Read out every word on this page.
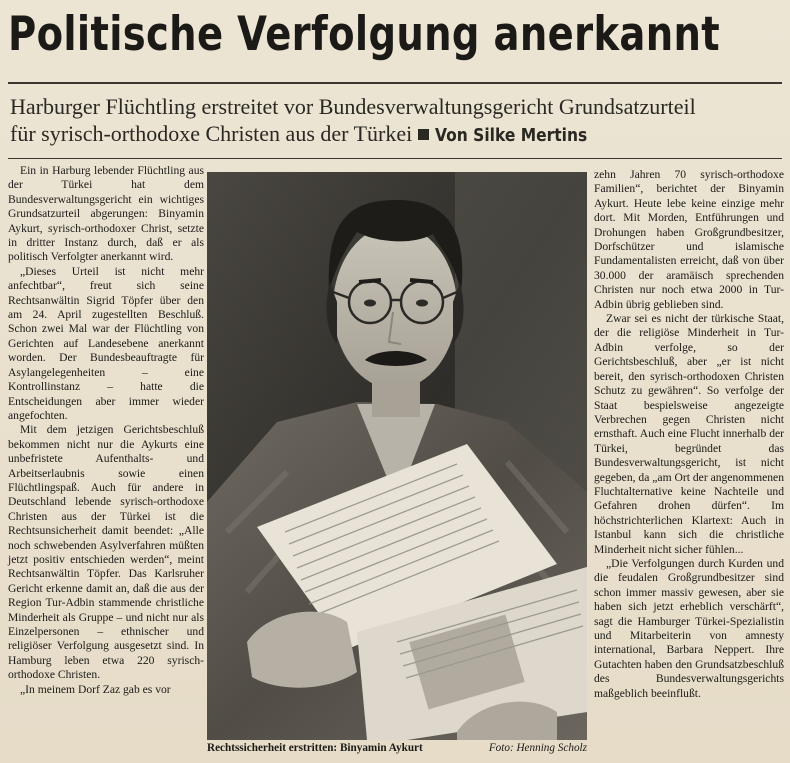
Politische Verfolgung anerkannt
Harburger Flüchtling erstreitet vor Bundesverwaltungsgericht Grundsatzurteil
für syrisch-orthodoxe Christen aus der Türkei Von Silke Mertins

Ein in Harburg lebender Flüchtling aus der Türkei hat dem Bundesverwaltungsgericht ein wichtiges Grundsatzurteil abgerungen: Binyamin Aykurt, syrisch-orthodoxer Christ, setzte in dritter Instanz durch, daß er als politisch Verfolgter anerkannt wird.

„Dieses Urteil ist nicht mehr anfechtbar“, freut sich seine Rechtsanwältin Sigrid Töpfer über den am 24. April zugestellten Beschluß. Schon zwei Mal war der Flüchtling von Gerichten auf Landesebene anerkannt worden. Der Bundesbeauftragte für Asylangelegenheiten – eine Kontrollinstanz – hatte die Entscheidungen aber immer wieder angefochten.

Mit dem jetzigen Gerichtsbeschluß bekommen nicht nur die Aykurts eine unbefristete Aufenthalts- und Arbeitserlaubnis sowie einen Flüchtlingspaß. Auch für andere in Deutschland lebende syrisch-orthodoxe Christen aus der Türkei ist die Rechtsunsicherheit damit beendet: „Alle noch schwebenden Asylverfahren müßten jetzt positiv entschieden werden“, meint Rechtsanwältin Töpfer. Das Karlsruher Gericht erkenne damit an, daß die aus der Region Tur-Adbin stammende christliche Minderheit als Gruppe – und nicht nur als Einzelpersonen – ethnischer und religiöser Verfolgung ausgesetzt sind. In Hamburg leben etwa 220 syrisch-orthodoxe Christen.

„In meinem Dorf Zaz gab es vor

Rechtssicherheit erstritten: Binyamin Aykurt	Foto: Henning Scholz

zehn Jahren 70 syrisch-orthodoxe Familien“, berichtet der Binyamin Aykurt. Heute lebe keine einzige mehr dort. Mit Morden, Entführungen und Drohungen haben Großgrundbesitzer, Dorfschützer und islamische Fundamentalisten erreicht, daß von über 30.000 der aramäisch sprechenden Christen nur noch etwa 2000 in Tur-Adbin übrig geblieben sind.

Zwar sei es nicht der türkische Staat, der die religiöse Minderheit in Tur-Adbin verfolge, so der Gerichtsbeschluß, aber „er ist nicht bereit, den syrisch-orthodoxen Christen Schutz zu gewähren“. So verfolge der Staat bespielsweise angezeigte Verbrechen gegen Christen nicht ernsthaft. Auch eine Flucht innerhalb der Türkei, begründet das Bundesverwaltungsgericht, ist nicht gegeben, da „am Ort der angenommenen Fluchtalternative keine Nachteile und Gefahren drohen dürfen“. Im höchstrichterlichen Klartext: Auch in Istanbul kann sich die christliche Minderheit nicht sicher fühlen...

„Die Verfolgungen durch Kurden und die feudalen Großgrundbesitzer sind schon immer massiv gewesen, aber sie haben sich jetzt erheblich verschärft“, sagt die Hamburger Türkei-Spezialistin und Mitarbeiterin von amnesty international, Barbara Neppert. Ihre Gutachten haben den Grundsatzbeschluß des Bundesverwaltungsgerichts maßgeblich beeinflußt.
